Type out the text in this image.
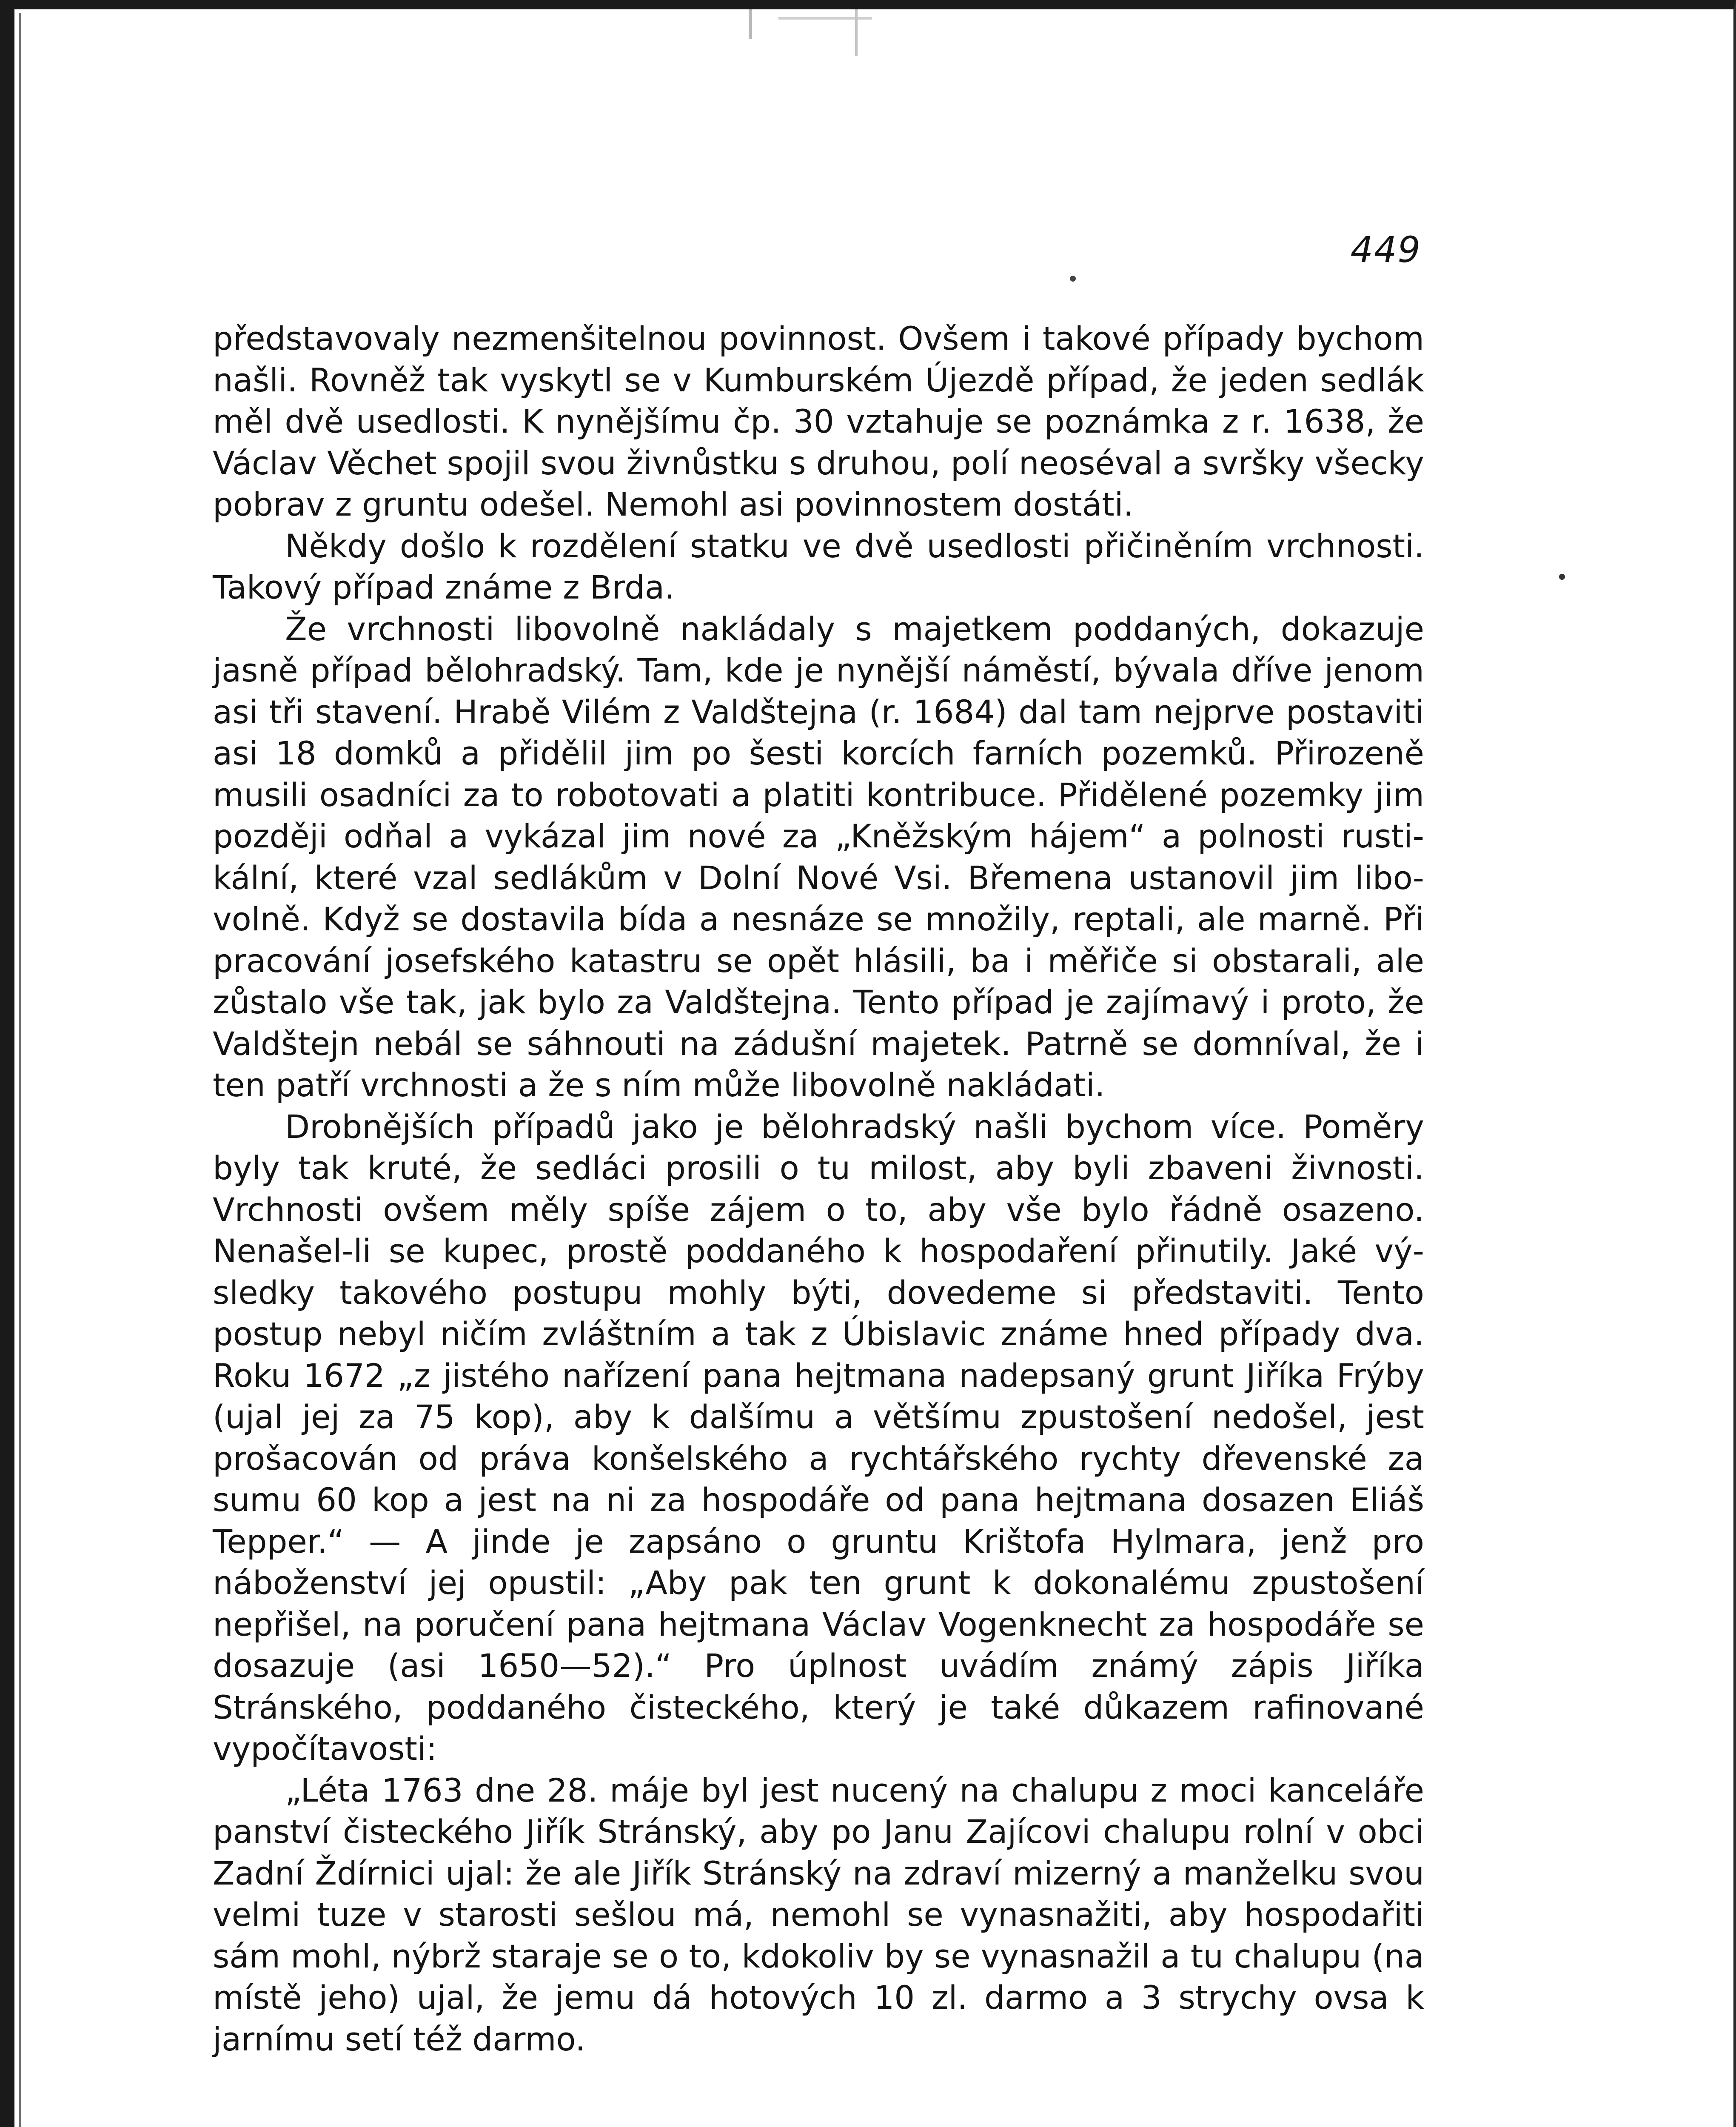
449

představovaly nezmenšitelnou povinnost. Ovšem i takové případy bychom našli. Rovněž tak vyskytl se v Kumburském Újezdě případ, že jeden sedlák měl dvě usedlosti. K nynějšímu čp. 30 vztahuje se poznámka z r. 1638, že Václav Věchet spojil svou živnůstku s druhou, polí neoséval a svršky všecky pobrav z gruntu odešel. Nemohl asi povinnostem dostáti.

Někdy došlo k rozdělení statku ve dvě usedlosti přičiněním vrchnosti. Takový případ známe z Brda.

Že vrchnosti libovolně nakládaly s majetkem poddaných, dokazuje jasně případ bělohradský. Tam, kde je nynější náměstí, bývala dříve jenom asi tři stavení. Hrabě Vilém z Valdštejna (r. 1684) dal tam nejprve postaviti asi 18 domků a přidělil jim po šesti korcích farních pozemků. Přirozeně musili osadníci za to robotovati a platiti kontribuce. Přidělené pozemky jim později odňal a vykázal jim nové za „Kněžským hájem“ a polnosti rustikální, které vzal sedlákům v Dolní Nové Vsi. Břemena ustanovil jim libovolně. Když se dostavila bída a nesnáze se množily, reptali, ale marně. Při pracování josefského katastru se opět hlásili, ba i měřiče si obstarali, ale zůstalo vše tak, jak bylo za Valdštejna. Tento případ je zajímavý i proto, že Valdštejn nebál se sáhnouti na zádušní majetek. Patrně se domníval, že i ten patří vrchnosti a že s ním může libovolně nakládati.

Drobnějších případů jako je bělohradský našli bychom více. Poměry byly tak kruté, že sedláci prosili o tu milost, aby byli zbaveni živnosti. Vrchnosti ovšem měly spíše zájem o to, aby vše bylo řádně osazeno. Nenašel-li se kupec, prostě poddaného k hospodaření přinutily. Jaké výsledky takového postupu mohly býti, dovedeme si představiti. Tento postup nebyl ničím zvláštním a tak z Úbislavic známe hned případy dva. Roku 1672 „z jistého nařízení pana hejtmana nadepsaný grunt Jiříka Frýby (ujal jej za 75 kop), aby k dalšímu a většímu zpustošení nedošel, jest prošacován od práva konšelského a rychtářského rychty dřevenské za sumu 60 kop a jest na ni za hospodáře od pana hejtmana dosazen Eliáš Tepper.“ — A jinde je zapsáno o gruntu Krištofa Hylmara, jenž pro náboženství jej opustil: „Aby pak ten grunt k dokonalému zpustošení nepřišel, na poručení pana hejtmana Václav Vogenknecht za hospodáře se dosazuje (asi 1650—52).“ Pro úplnost uvádím známý zápis Jiříka Stránského, poddaného čisteckého, který je také důkazem rafinované vypočítavosti:

„Léta 1763 dne 28. máje byl jest nucený na chalupu z moci kanceláře panství čisteckého Jiřík Stránský, aby po Janu Zajícovi chalupu rolní v obci Zadní Ždírnici ujal: že ale Jiřík Stránský na zdraví mizerný a manželku svou velmi tuze v starosti sešlou má, nemohl se vynasnažiti, aby hospodařiti sám mohl, nýbrž staraje se o to, kdokoliv by se vynasnažil a tu chalupu (na místě jeho) ujal, že jemu dá hotových 10 zl. darmo a 3 strychy ovsa k jarnímu setí též darmo.
